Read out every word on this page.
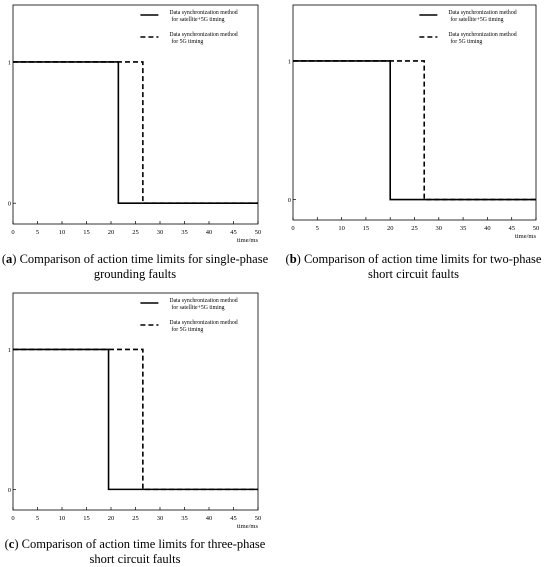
0	5	10	15	20	25	30	35	40	45	50
0
1
time/ms
Data synchronization method
for satellite+5G timing
Data synchronization method
for 5G timing
(a) Comparison of action time limits for single-phase grounding faults
0	5	10	15	20	25	30	35	40	45	50
0
1
time/ms
Data synchronization method
for satellite+5G timing
Data synchronization method
for 5G timing
(b) Comparison of action time limits for two-phase short circuit faults
0	5	10	15	20	25	30	35	40	45	50
0
1
time/ms
Data synchronization method
for satellite+5G timing
Data synchronization method
for 5G timing
(c) Comparison of action time limits for three-phase short circuit faults
